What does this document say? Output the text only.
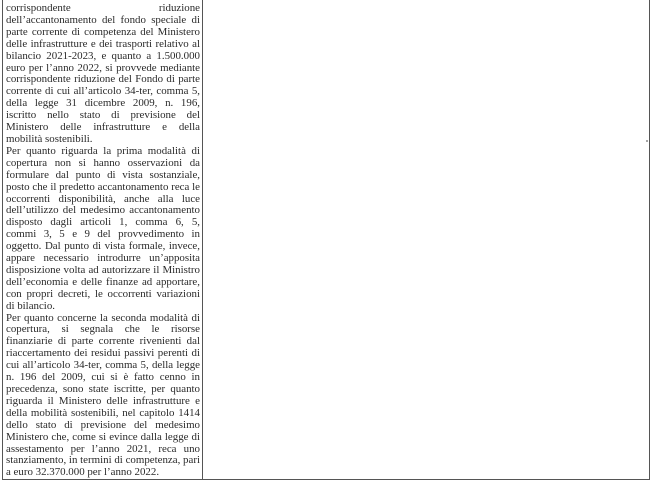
corrispondente riduzione dell’accantonamento del fondo speciale di parte corrente di competenza del Ministero delle infrastrutture e dei trasporti relativo al bilancio 2021-2023, e quanto a 1.500.000 euro per l’anno 2022, si provvede mediante corrispondente riduzione del Fondo di parte corrente di cui all’articolo 34-ter, comma 5, della legge 31 dicembre 2009, n. 196, iscritto nello stato di previsione del Ministero delle infrastrutture e della mobilità sostenibili.

Per quanto riguarda la prima modalità di copertura non si hanno osservazioni da formulare dal punto di vista sostanziale, posto che il predetto accantonamento reca le occorrenti disponibilità, anche alla luce dell’utilizzo del medesimo accantonamento disposto dagli articoli 1, comma 6, 5, commi 3, 5 e 9 del provvedimento in oggetto. Dal punto di vista formale, invece, appare necessario introdurre un’apposita disposizione volta ad autorizzare il Ministro dell’economia e delle finanze ad apportare, con propri decreti, le occorrenti variazioni di bilancio.

Per quanto concerne la seconda modalità di copertura, si segnala che le risorse finanziarie di parte corrente rivenienti dal riaccertamento dei residui passivi perenti di cui all’articolo 34-ter, comma 5, della legge n. 196 del 2009, cui si è fatto cenno in precedenza, sono state iscritte, per quanto riguarda il Ministero delle infrastrutture e della mobilità sostenibili, nel capitolo 1414 dello stato di previsione del medesimo Ministero che, come si evince dalla legge di assestamento per l’anno 2021, reca uno stanziamento, in termini di competenza, pari a euro 32.370.000 per l’anno 2022.
